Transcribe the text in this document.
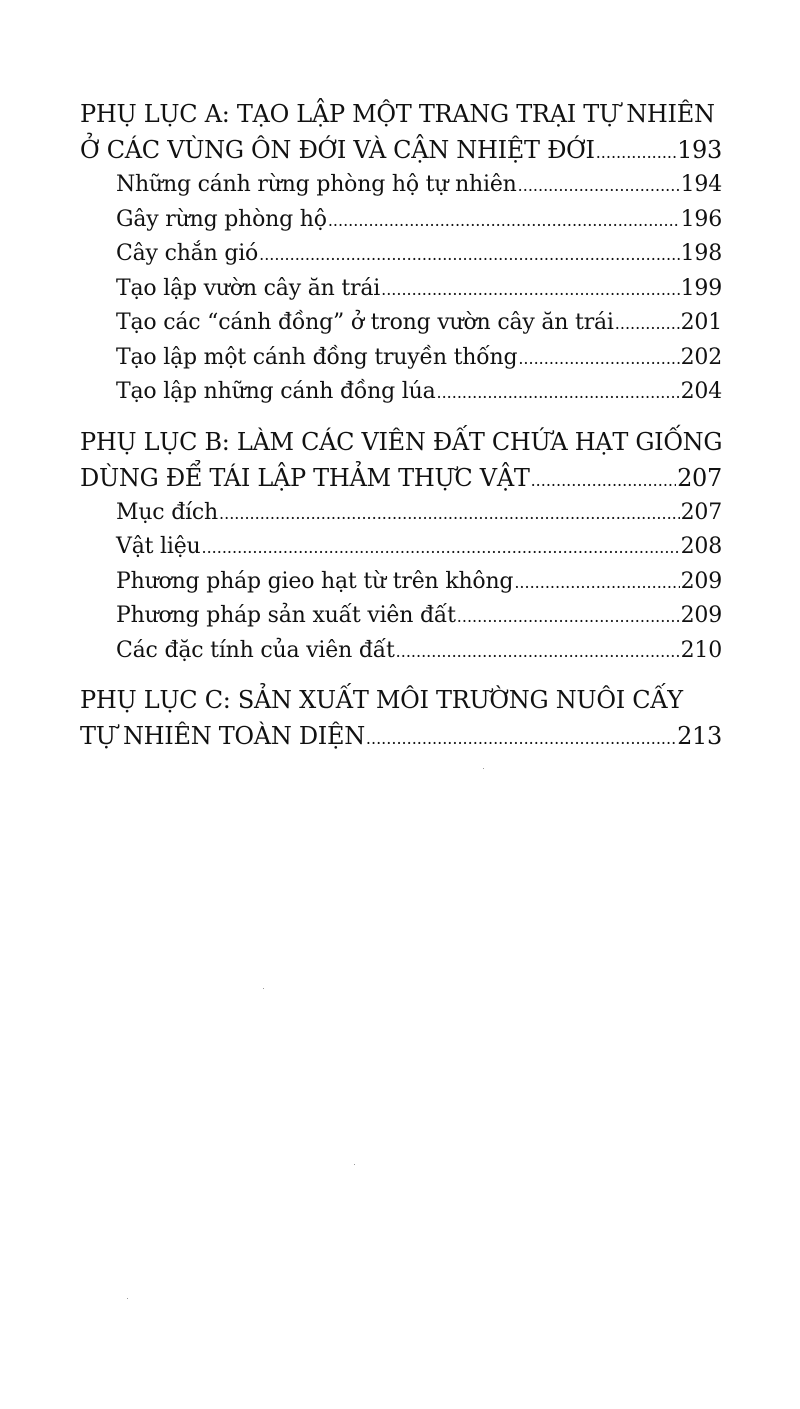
PHỤ LỤC A: TẠO LẬP MỘT TRANG TRẠI TỰ NHIÊN
Ở CÁC VÙNG ÔN ĐỚI VÀ CẬN NHIỆT ĐỚI .....	193
Những cánh rừng phòng hộ tự nhiên .....	194
Gây rừng phòng hộ .....	196
Cây chắn gió .....	198
Tạo lập vườn cây ăn trái .....	199
Tạo các “cánh đồng” ở trong vườn cây ăn trái .....	201
Tạo lập một cánh đồng truyền thống .....	202
Tạo lập những cánh đồng lúa .....	204
PHỤ LỤC B: LÀM CÁC VIÊN ĐẤT CHỨA HẠT GIỐNG
DÙNG ĐỂ TÁI LẬP THẢM THỰC VẬT .....	207
Mục đích .....	207
Vật liệu .....	208
Phương pháp gieo hạt từ trên không .....	209
Phương pháp sản xuất viên đất .....	209
Các đặc tính của viên đất .....	210
PHỤ LỤC C: SẢN XUẤT MÔI TRƯỜNG NUÔI CẤY
TỰ NHIÊN TOÀN DIỆN .....	213
